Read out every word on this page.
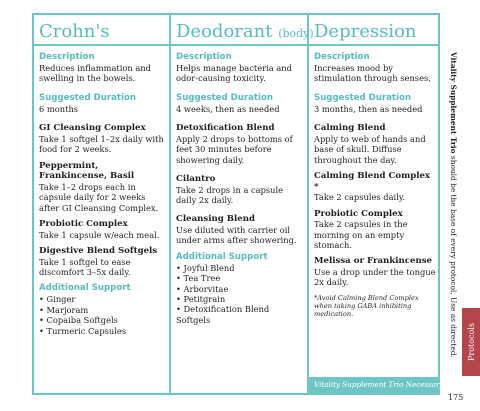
Crohn's
Description
Reduces inflammation and swelling in the bowels.
Suggested Duration
6 months
GI Cleansing Complex
Take 1 softgel 1–2x daily with food for 2 weeks.
Peppermint, Frankincense, Basil
Take 1–2 drops each in capsule daily for 2 weeks after GI Cleansing Complex.
Probiotic Complex
Take 1 capsule w/each meal.
Digestive Blend Softgels
Take 1 softgel to ease discomfort 3–5x daily.
Additional Support
• Ginger
• Marjoram
• Copaiba Softgels
• Turmeric Capsules
Deodorant (body)
Description
Helps manage bacteria and odor-causing toxicity.
Suggested Duration
4 weeks, then as needed
Detoxification Blend
Apply 2 drops to bottoms of feet 30 minutes before showering daily.
Cilantro
Take 2 drops in a capsule daily 2x daily.
Cleansing Blend
Use diluted with carrier oil under arms after showering.
Additional Support
• Joyful Blend
• Tea Tree
• Arborvitae
• Petitgrain
• Detoxification Blend Softgels
Depression
Description
Increases mood by stimulation through senses.
Suggested Duration
3 months, then as needed
Calming Blend
Apply to web of hands and base of skull. Diffuse throughout the day.
Calming Blend Complex *
Take 2 capsules daily.
Probiotic Complex
Take 2 capsules in the morning on an empty stomach.
Melissa or Frankincense
Use a drop under the tongue 2x daily.
*Avoid Calming Blend Complex when taking GABA inhibiting medication.
Vitality Supplement Trio Necessary
Vitality Supplement Trio should be the base of every protocol. Use as directed. Protocols
175
